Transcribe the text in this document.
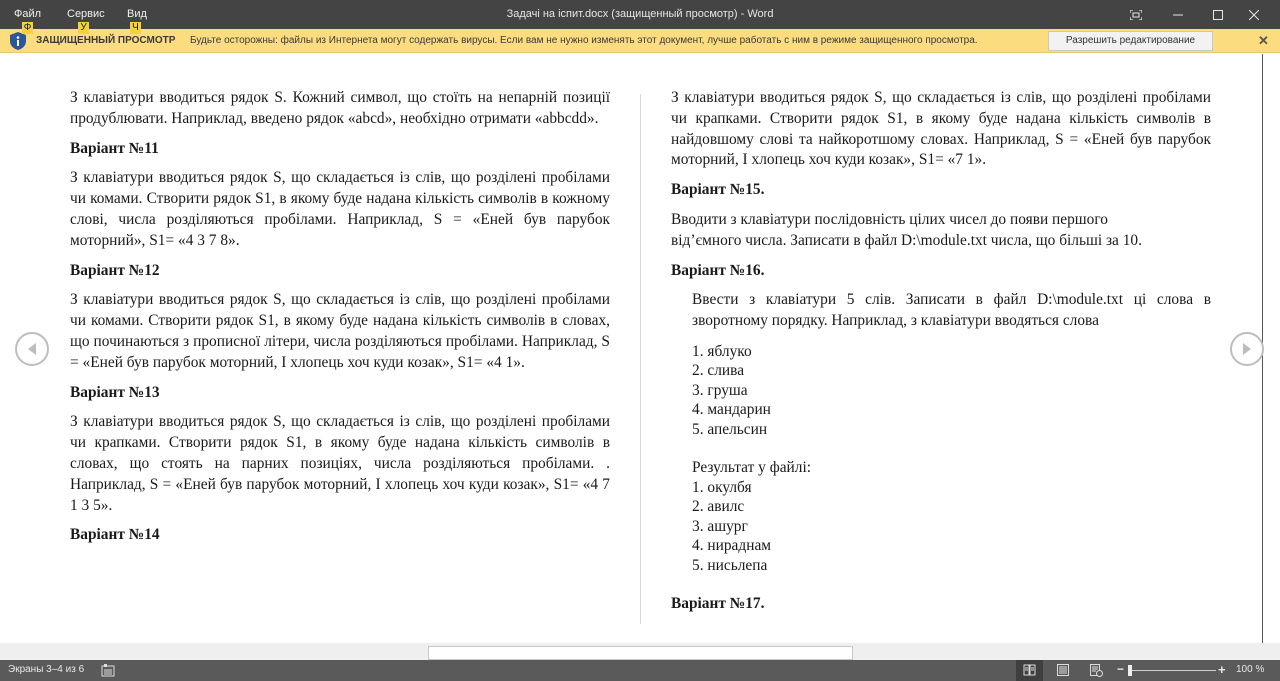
Файл Сервис Вид	Задачі на іспит.docx (защищенный просмотр) - Word
Ф	У	Ч
ЗАЩИЩЕННЫЙ ПРОСМОТР Будьте осторожны: файлы из Интернета могут содержать вирусы. Если вам не нужно изменять этот документ, лучше работать с ним в режиме защищенного просмотра.	Разрешить редактирование	✕

З клавіатури вводиться рядок S. Кожний символ, що стоїть на непарній позиції продублювати. Наприклад, введено рядок «abcd», необхідно отримати «abbcdd».

Варіант №11

З клавіатури вводиться рядок S, що складається із слів, що розділені пробілами чи комами. Створити рядок S1, в якому буде надана кількість символів в кожному слові, числа розділяються пробілами. Наприклад, S = «Еней був парубок моторний», S1= «4 3 7 8».

Варіант №12

З клавіатури вводиться рядок S, що складається із слів, що розділені пробілами чи комами. Створити рядок S1, в якому буде надана кількість символів в словах, що починаються з прописної літери, числа розділяються пробілами. Наприклад, S = «Еней був парубок моторний, І хлопець хоч куди козак», S1= «4 1».

Варіант №13

З клавіатури вводиться рядок S, що складається із слів, що розділені пробілами чи крапками. Створити рядок S1, в якому буде надана кількість символів в словах, що стоять на парних позиціях, числа розділяються пробілами. . Наприклад, S = «Еней був парубок моторний, І хлопець хоч куди козак», S1= «4 7 1 3 5».

Варіант №14

З клавіатури вводиться рядок S, що складається із слів, що розділені пробілами чи крапками. Створити рядок S1, в якому буде надана кількість символів в найдовшому слові та найкоротшому словах. Наприклад, S = «Еней був парубок моторний, І хлопець хоч куди козак», S1= «7 1».

Варіант №15.

Вводити з клавіатури послідовність цілих чисел до появи першого
від’ємного числа. Записати в файл D:\module.txt числа, що більші за 10.

Варіант №16.

Ввести з клавіатури 5 слів. Записати в файл D:\module.txt ці слова в зворотному порядку. Наприклад, з клавіатури вводяться слова

1. яблуко
2. слива
3. груша
4. мандарин
5. апельсин
Результат у файлі:
1. окулбя
2. авилс
3. ашург
4. нираднам
5. нисьлепа

Варіант №17.

Экраны 3–4 из 6	−	+ 100 %
